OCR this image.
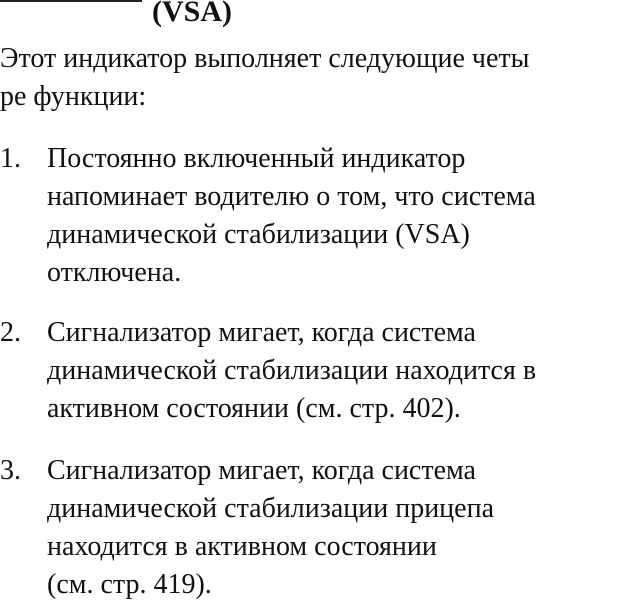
(VSA)
Этот индикатор выполняет следующие четы
ре функции:
1. Постоянно включенный индикатор
напоминает водителю о том, что система
динамической стабилизации (VSA)
отключена.
2. Сигнализатор мигает, когда система
динамической стабилизации находится в
активном состоянии (см. стр. 402).
3. Сигнализатор мигает, когда система
динамической стабилизации прицепа
находится в активном состоянии
(см. стр. 419).
